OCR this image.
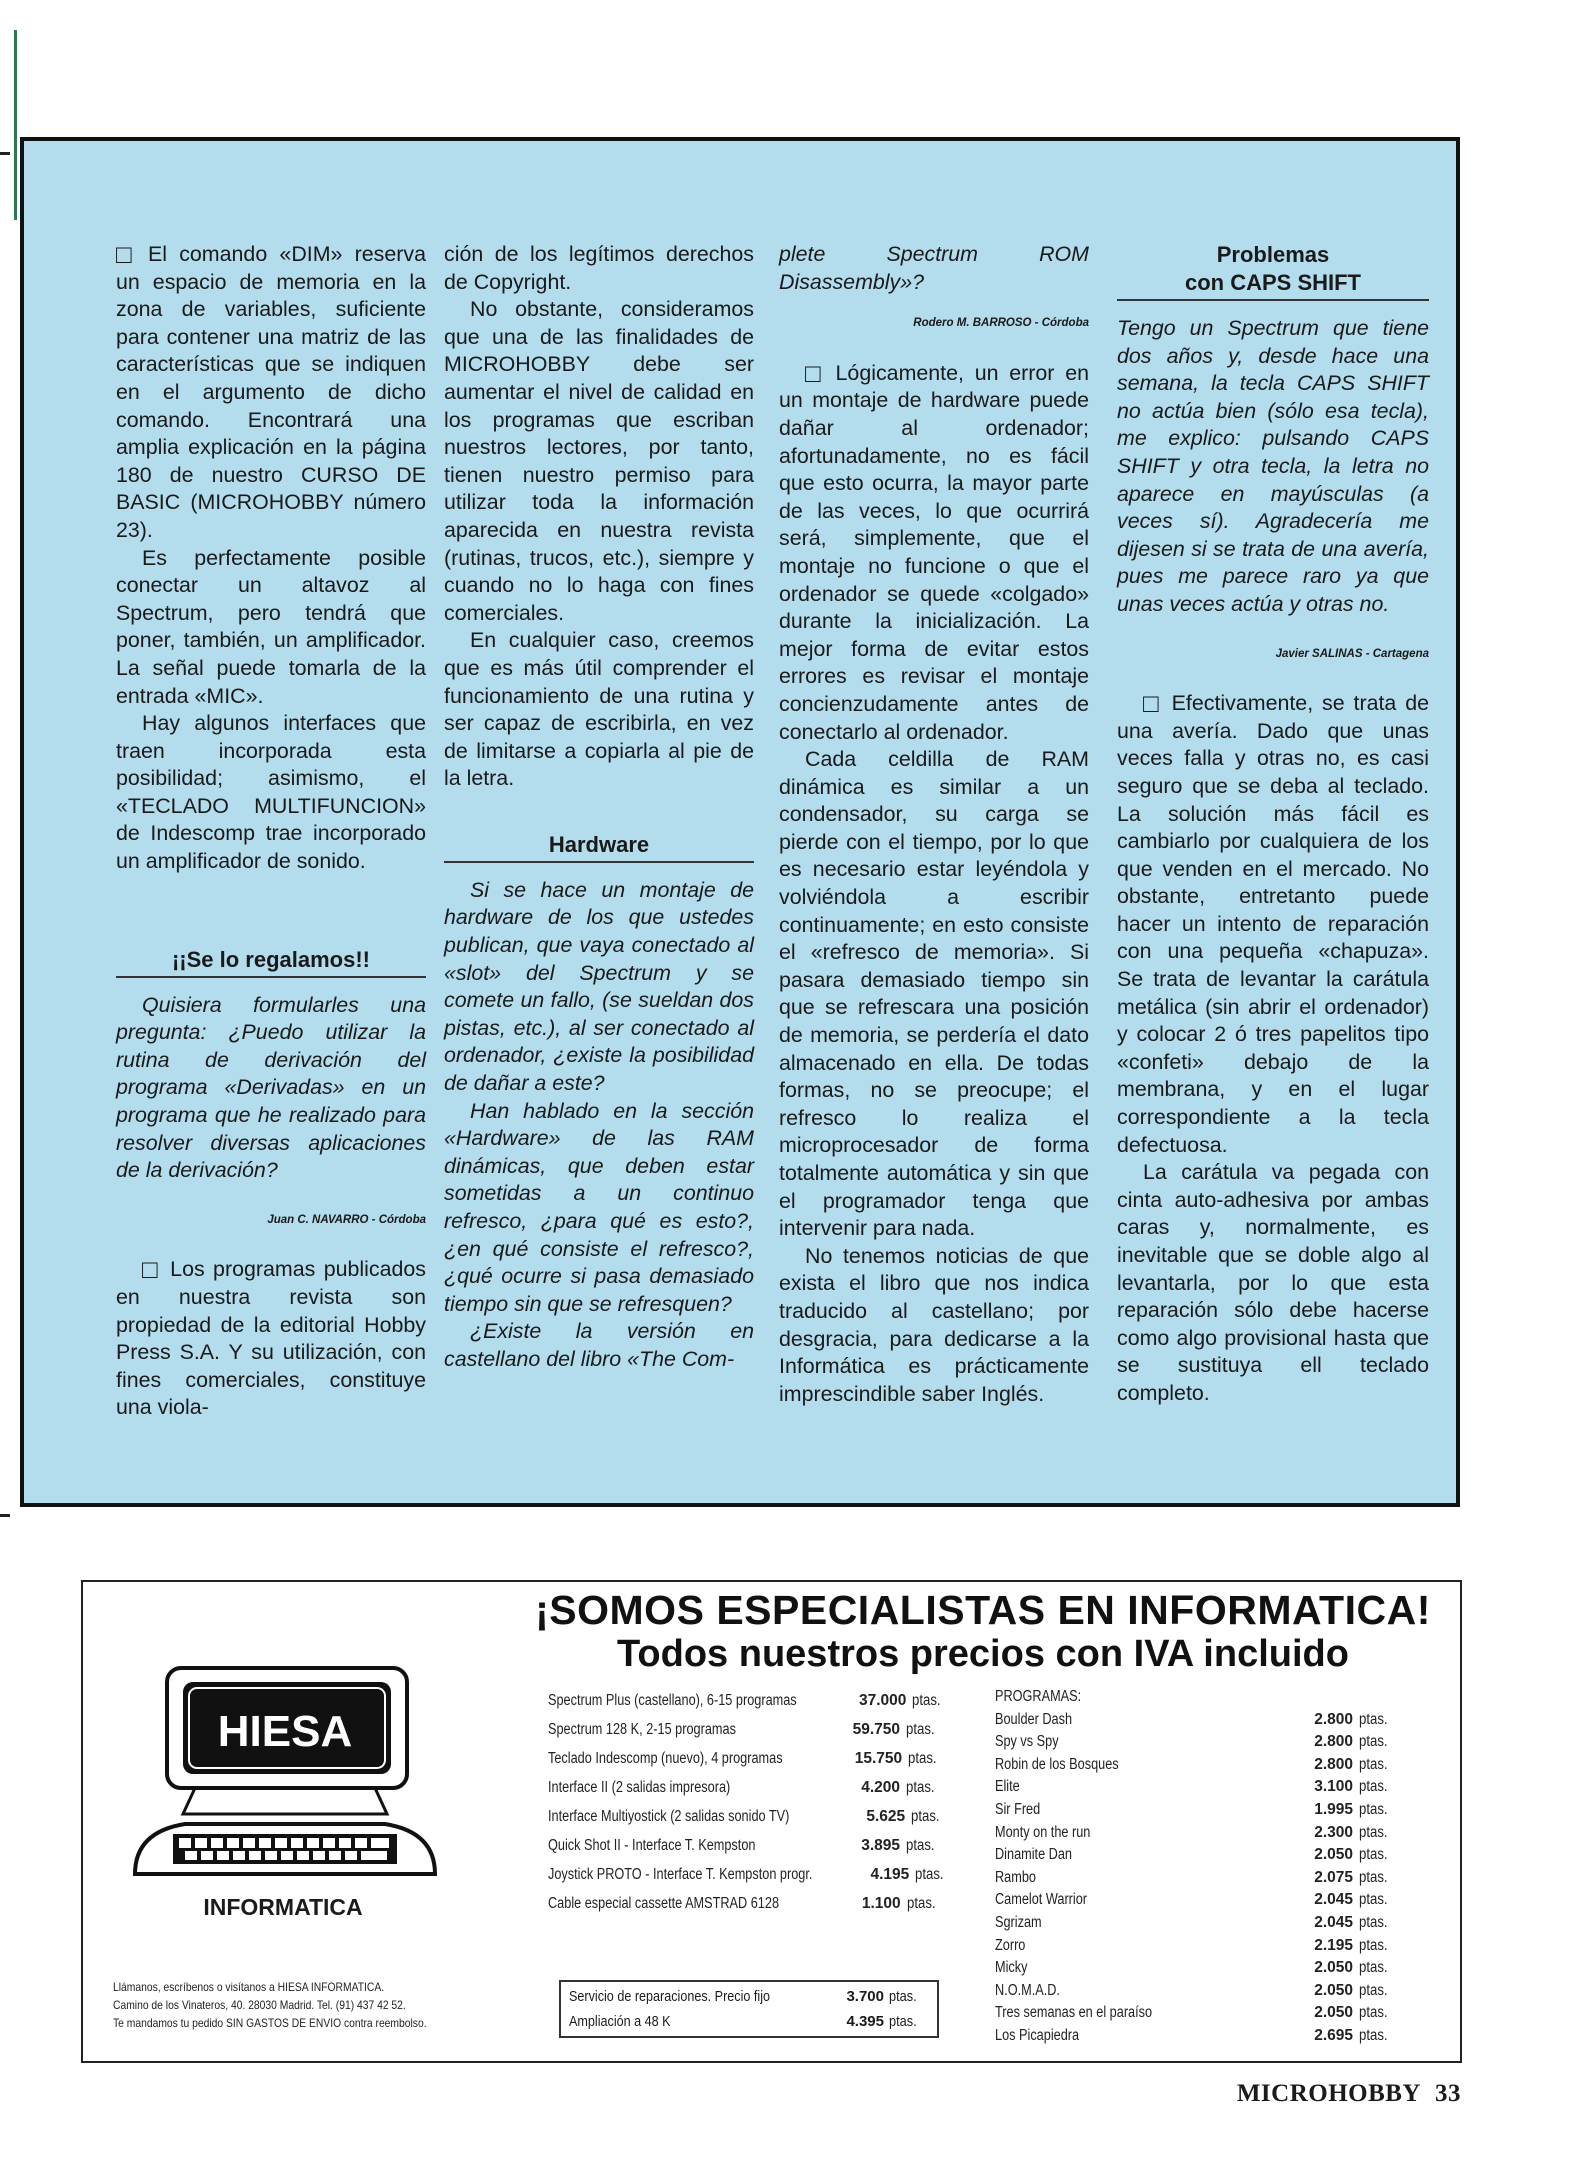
□ El comando «DIM» reserva un espacio de memoria en la zona de variables, suficiente para contener una matriz de las características que se indiquen en el argumento de dicho comando. Encontrará una amplia explicación en la página 180 de nuestro CURSO DE BASIC (MICROHOBBY número 23).

Es perfectamente posible conectar un altavoz al Spectrum, pero tendrá que poner, también, un amplificador. La señal puede tomarla de la entrada «MIC».

Hay algunos interfaces que traen incorporada esta posibilidad; asimismo, el «TECLADO MULTIFUNCION» de Indescomp trae incorporado un amplificador de sonido.

¡¡Se lo regalamos!!

Quisiera formularles una pregunta: ¿Puedo utilizar la rutina de derivación del programa «Derivadas» en un programa que he realizado para resolver diversas aplicaciones de la derivación?

Juan C. NAVARRO - Córdoba

□ Los programas publicados en nuestra revista son propiedad de la editorial Hobby Press S.A. Y su utilización, con fines comerciales, constituye una viola-

ción de los legítimos derechos de Copyright.

No obstante, consideramos que una de las finalidades de MICROHOBBY debe ser aumentar el nivel de calidad en los programas que escriban nuestros lectores, por tanto, tienen nuestro permiso para utilizar toda la información aparecida en nuestra revista (rutinas, trucos, etc.), siempre y cuando no lo haga con fines comerciales.

En cualquier caso, creemos que es más útil comprender el funcionamiento de una rutina y ser capaz de escribirla, en vez de limitarse a copiarla al pie de la letra.

Hardware

Si se hace un montaje de hardware de los que ustedes publican, que vaya conectado al «slot» del Spectrum y se comete un fallo, (se sueldan dos pistas, etc.), al ser conectado al ordenador, ¿existe la posibilidad de dañar a este?

Han hablado en la sección «Hardware» de las RAM dinámicas, que deben estar sometidas a un continuo refresco, ¿para qué es esto?, ¿en qué consiste el refresco?, ¿qué ocurre si pasa demasiado tiempo sin que se refresquen?

¿Existe la versión en castellano del libro «The Com-

plete Spectrum ROM Disassembly»?

Rodero M. BARROSO - Córdoba

□ Lógicamente, un error en un montaje de hardware puede dañar al ordenador; afortunadamente, no es fácil que esto ocurra, la mayor parte de las veces, lo que ocurrirá será, simplemente, que el montaje no funcione o que el ordenador se quede «colgado» durante la inicialización. La mejor forma de evitar estos errores es revisar el montaje concienzudamente antes de conectarlo al ordenador.

Cada celdilla de RAM dinámica es similar a un condensador, su carga se pierde con el tiempo, por lo que es necesario estar leyéndola y volviéndola a escribir continuamente; en esto consiste el «refresco de memoria». Si pasara demasiado tiempo sin que se refrescara una posición de memoria, se perdería el dato almacenado en ella. De todas formas, no se preocupe; el refresco lo realiza el microprocesador de forma totalmente automática y sin que el programador tenga que intervenir para nada.

No tenemos noticias de que exista el libro que nos indica traducido al castellano; por desgracia, para dedicarse a la Informática es prácticamente imprescindible saber Inglés.

Problemas
con CAPS SHIFT

Tengo un Spectrum que tiene dos años y, desde hace una semana, la tecla CAPS SHIFT no actúa bien (sólo esa tecla), me explico: pulsando CAPS SHIFT y otra tecla, la letra no aparece en mayúsculas (a veces sí). Agradecería me dijesen si se trata de una avería, pues me parece raro ya que unas veces actúa y otras no.

Javier SALINAS - Cartagena

□ Efectivamente, se trata de una avería. Dado que unas veces falla y otras no, es casi seguro que se deba al teclado. La solución más fácil es cambiarlo por cualquiera de los que venden en el mercado. No obstante, entretanto puede hacer un intento de reparación con una pequeña «chapuza». Se trata de levantar la carátula metálica (sin abrir el ordenador) y colocar 2 ó tres papelitos tipo «confeti» debajo de la membrana, y en el lugar correspondiente a la tecla defectuosa.

La carátula va pegada con cinta auto-adhesiva por ambas caras y, normalmente, es inevitable que se doble algo al levantarla, por lo que esta reparación sólo debe hacerse como algo provisional hasta que se sustituya ell teclado completo.

¡SOMOS ESPECIALISTAS EN INFORMATICA!
Todos nuestros precios con IVA incluido
HIESA
INFORMATICA
Llámanos, escríbenos o visítanos a HIESA INFORMATICA.
Camino de los Vinateros, 40. 28030 Madrid. Tel. (91) 437 42 52.
Te mandamos tu pedido SIN GASTOS DE ENVIO contra reembolso.
Spectrum Plus (castellano), 6-15 programas	37.000 ptas.
Spectrum 128 K, 2-15 programas	59.750 ptas.
Teclado Indescomp (nuevo), 4 programas	15.750 ptas.
Interface II (2 salidas impresora)	4.200 ptas.
Interface Multiyostick (2 salidas sonido TV)	5.625 ptas.
Quick Shot II - Interface T. Kempston	3.895 ptas.
Joystick PROTO - Interface T. Kempston progr.	4.195 ptas.
Cable especial cassette AMSTRAD 6128	1.100 ptas.
Servicio de reparaciones. Precio fijo	3.700 ptas.
Ampliación a 48 K	4.395 ptas.
PROGRAMAS:
Boulder Dash	2.800 ptas.
Spy vs Spy	2.800 ptas.
Robin de los Bosques	2.800 ptas.
Elite	3.100 ptas.
Sir Fred	1.995 ptas.
Monty on the run	2.300 ptas.
Dinamite Dan	2.050 ptas.
Rambo	2.075 ptas.
Camelot Warrior	2.045 ptas.
Sgrizam	2.045 ptas.
Zorro	2.195 ptas.
Micky	2.050 ptas.
N.O.M.A.D.	2.050 ptas.
Tres semanas en el paraíso	2.050 ptas.
Los Picapiedra	2.695 ptas.
MICROHOBBY 33
